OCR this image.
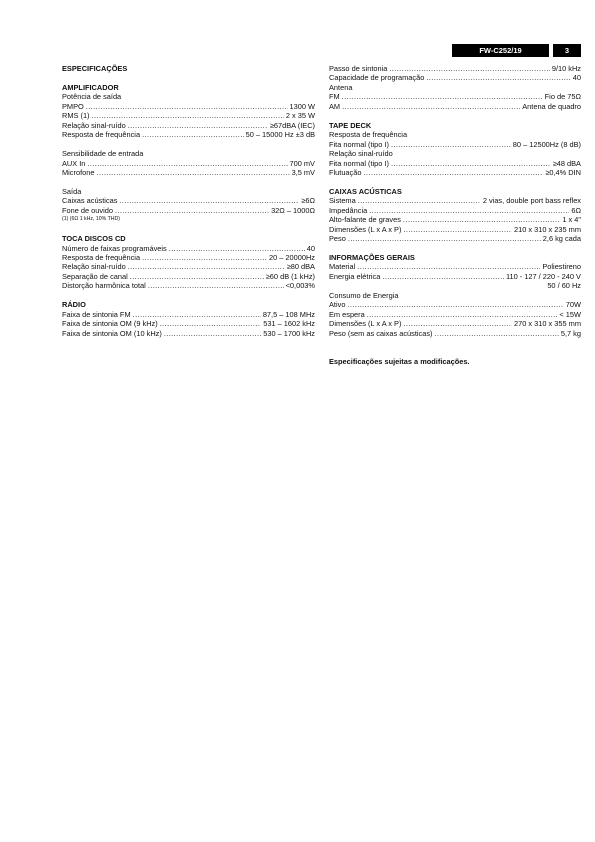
FW-C252/19	3
ESPECIFICAÇÕES
AMPLIFICADOR
Potência de saída
PMPO .....	1300 W
RMS (1) .....	2 x 35 W
Relação sinal-ruído .....	≥67dBA (IEC)
Resposta de frequência .....	50 – 15000 Hz ±3 dB
Sensibilidade de entrada
AUX In .....	700 mV
Microfone .....	3,5 mV
Saída
Caixas acústicas .....	≥6Ω
Fone de ouvido .....	32Ω – 1000Ω
(1) (6Ω 1 kHz, 10% THD)
TOCA DISCOS CD
Número de faixas programáveis .....	40
Resposta de frequência .....	20 – 20000Hz
Relação sinal-ruído .....	≥80 dBA
Separação de canal .....	≥60 dB (1 kHz)
Distorção harmônica total .....	<0,003%
RÁDIO
Faixa de sintonia FM .....	87,5 – 108 MHz
Faixa de sintonia OM (9 kHz) .....	531 – 1602 kHz
Faixa de sintonia OM (10 kHz) .....	530 – 1700 kHz
Passo de sintonia .....	9/10 kHz
Capacidade de programação .....	40
Antena
FM .....	Fio de 75Ω
AM .....	Antena de quadro
TAPE DECK
Resposta de frequência
Fita normal (tipo I) .....	80 – 12500Hz (8 dB)
Relação sinal-ruído
Fita normal (tipo I) .....	≥48 dBA
Flutuação .....	≥0,4% DIN
CAIXAS ACÚSTICAS
Sistema .....	2 vias, double port bass reflex
Impedância .....	6Ω
Alto-falante de graves .....	1 x 4"
Dimensões (L x A x P) .....	210 x 310 x 235 mm
Peso .....	2,6 kg cada
INFORMAÇÕES GERAIS
Material .....	Poliestireno
Energia elétrica .....	110 - 127 / 220 - 240 V
50 / 60 Hz
Consumo de Energia
Ativo .....	70W
Em espera .....	< 15W
Dimensões (L x A x P) .....	270 x 310 x 355 mm
Peso (sem as caixas acústicas) .....	5,7 kg
Especificações sujeitas a modificações.
